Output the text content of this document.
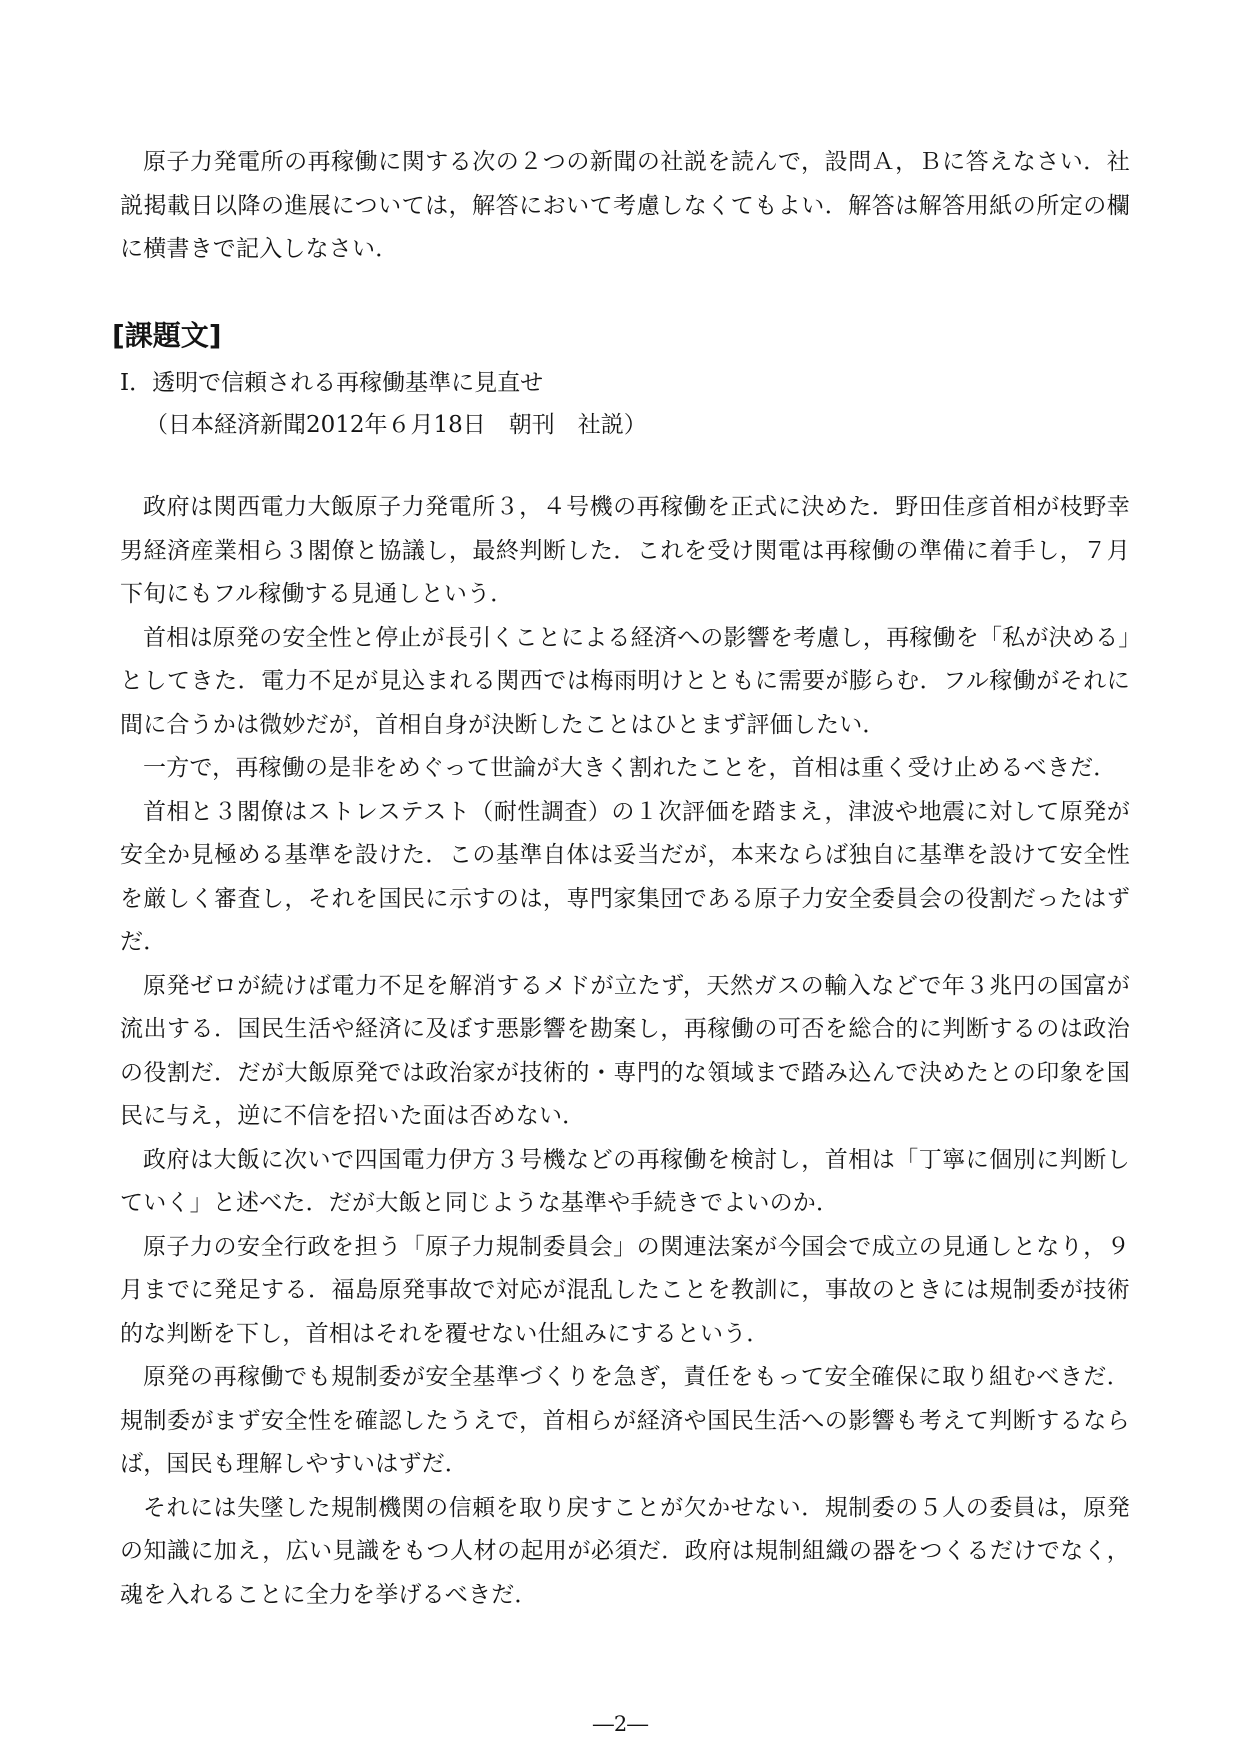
原子力発電所の再稼働に関する次の２つの新聞の社説を読んで，設問Ａ，Ｂに答えなさい．社説掲載日以降の進展については，解答において考慮しなくてもよい．解答は解答用紙の所定の欄に横書きで記入しなさい．
[課題文]
Ⅰ．透明で信頼される再稼働基準に見直せ
（日本経済新聞2012年６月18日　朝刊　社説）

政府は関西電力大飯原子力発電所３，４号機の再稼働を正式に決めた．野田佳彦首相が枝野幸男経済産業相ら３閣僚と協議し，最終判断した．これを受け関電は再稼働の準備に着手し，７月下旬にもフル稼働する見通しという．

首相は原発の安全性と停止が長引くことによる経済への影響を考慮し，再稼働を「私が決める」としてきた．電力不足が見込まれる関西では梅雨明けとともに需要が膨らむ．フル稼働がそれに間に合うかは微妙だが，首相自身が決断したことはひとまず評価したい．

一方で，再稼働の是非をめぐって世論が大きく割れたことを，首相は重く受け止めるべきだ．

首相と３閣僚はストレステスト（耐性調査）の１次評価を踏まえ，津波や地震に対して原発が安全か見極める基準を設けた．この基準自体は妥当だが，本来ならば独自に基準を設けて安全性を厳しく審査し，それを国民に示すのは，専門家集団である原子力安全委員会の役割だったはずだ．

原発ゼロが続けば電力不足を解消するメドが立たず，天然ガスの輸入などで年３兆円の国富が流出する．国民生活や経済に及ぼす悪影響を勘案し，再稼働の可否を総合的に判断するのは政治の役割だ．だが大飯原発では政治家が技術的・専門的な領域まで踏み込んで決めたとの印象を国民に与え，逆に不信を招いた面は否めない．

政府は大飯に次いで四国電力伊方３号機などの再稼働を検討し，首相は「丁寧に個別に判断していく」と述べた．だが大飯と同じような基準や手続きでよいのか．

原子力の安全行政を担う「原子力規制委員会」の関連法案が今国会で成立の見通しとなり，９月までに発足する．福島原発事故で対応が混乱したことを教訓に，事故のときには規制委が技術的な判断を下し，首相はそれを覆せない仕組みにするという．

原発の再稼働でも規制委が安全基準づくりを急ぎ，責任をもって安全確保に取り組むべきだ．規制委がまず安全性を確認したうえで，首相らが経済や国民生活への影響も考えて判断するならば，国民も理解しやすいはずだ．

それには失墜した規制機関の信頼を取り戻すことが欠かせない．規制委の５人の委員は，原発の知識に加え，広い見識をもつ人材の起用が必須だ．政府は規制組織の器をつくるだけでなく，魂を入れることに全力を挙げるべきだ．

―2―
